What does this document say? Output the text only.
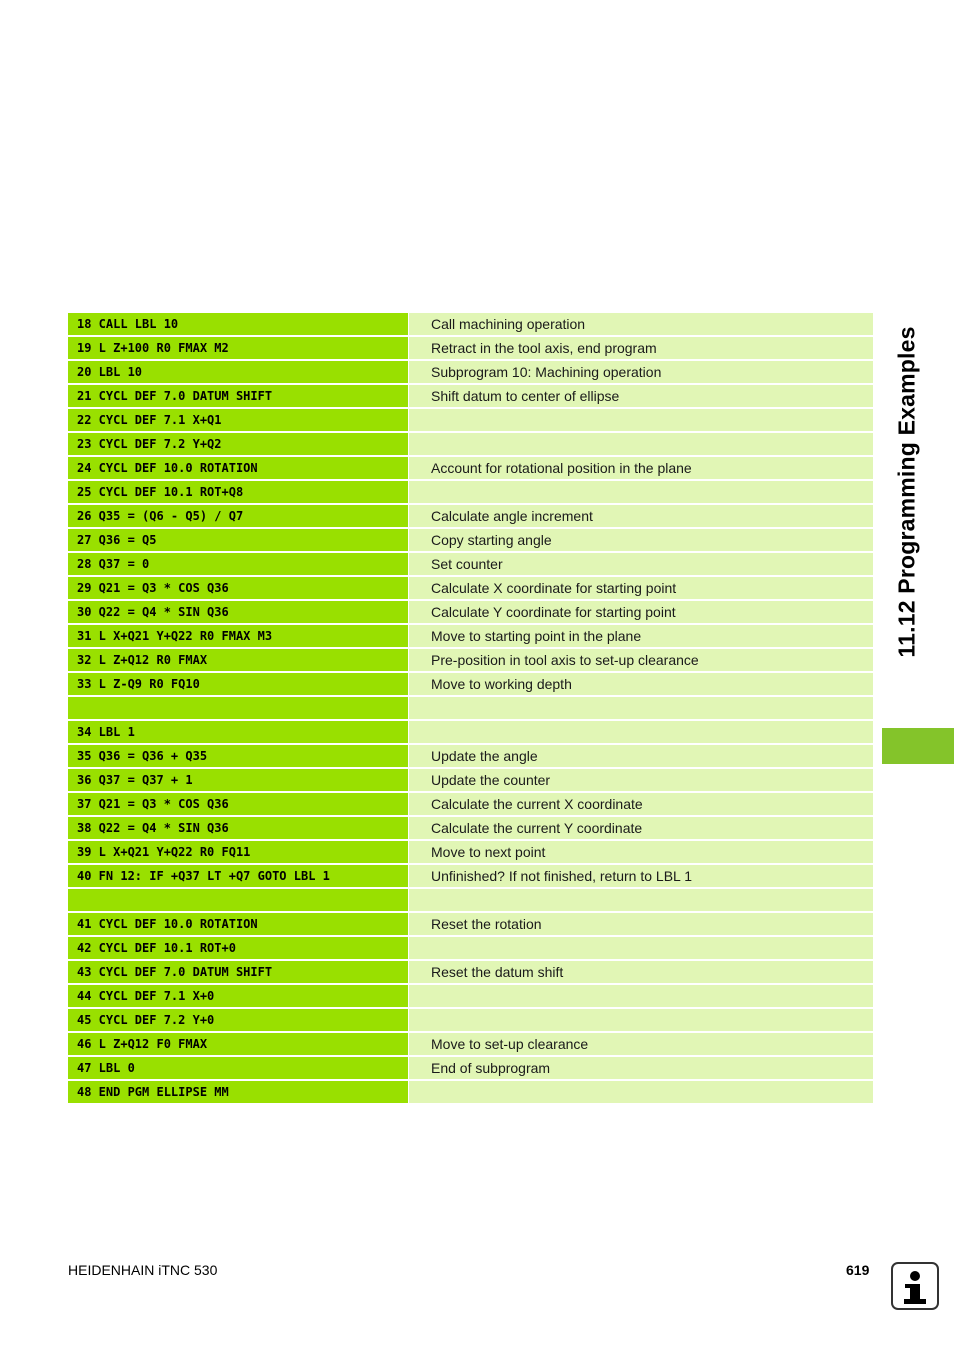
18 CALL LBL 10	Call machining operation
19 L Z+100 R0 FMAX M2	Retract in the tool axis, end program
20 LBL 10	Subprogram 10: Machining operation
21 CYCL DEF 7.0 DATUM SHIFT	Shift datum to center of ellipse
22 CYCL DEF 7.1 X+Q1
23 CYCL DEF 7.2 Y+Q2
24 CYCL DEF 10.0 ROTATION	Account for rotational position in the plane
25 CYCL DEF 10.1 ROT+Q8
26 Q35 = (Q6 - Q5) / Q7	Calculate angle increment
27 Q36 = Q5	Copy starting angle
28 Q37 = 0	Set counter
29 Q21 = Q3 * COS Q36	Calculate X coordinate for starting point
30 Q22 = Q4 * SIN Q36	Calculate Y coordinate for starting point
31 L X+Q21 Y+Q22 R0 FMAX M3	Move to starting point in the plane
32 L Z+Q12 R0 FMAX	Pre-position in tool axis to set-up clearance
33 L Z-Q9 R0 FQ10	Move to working depth
34 LBL 1
35 Q36 = Q36 + Q35	Update the angle
36 Q37 = Q37 + 1	Update the counter
37 Q21 = Q3 * COS Q36	Calculate the current X coordinate
38 Q22 = Q4 * SIN Q36	Calculate the current Y coordinate
39 L X+Q21 Y+Q22 R0 FQ11	Move to next point
40 FN 12: IF +Q37 LT +Q7 GOTO LBL 1	Unfinished? If not finished, return to LBL 1
41 CYCL DEF 10.0 ROTATION	Reset the rotation
42 CYCL DEF 10.1 ROT+0
43 CYCL DEF 7.0 DATUM SHIFT	Reset the datum shift
44 CYCL DEF 7.1 X+0
45 CYCL DEF 7.2 Y+0
46 L Z+Q12 F0 FMAX	Move to set-up clearance
47 LBL 0	End of subprogram
48 END PGM ELLIPSE MM
11.12 Programming Examples
HEIDENHAIN iTNC 530	619
